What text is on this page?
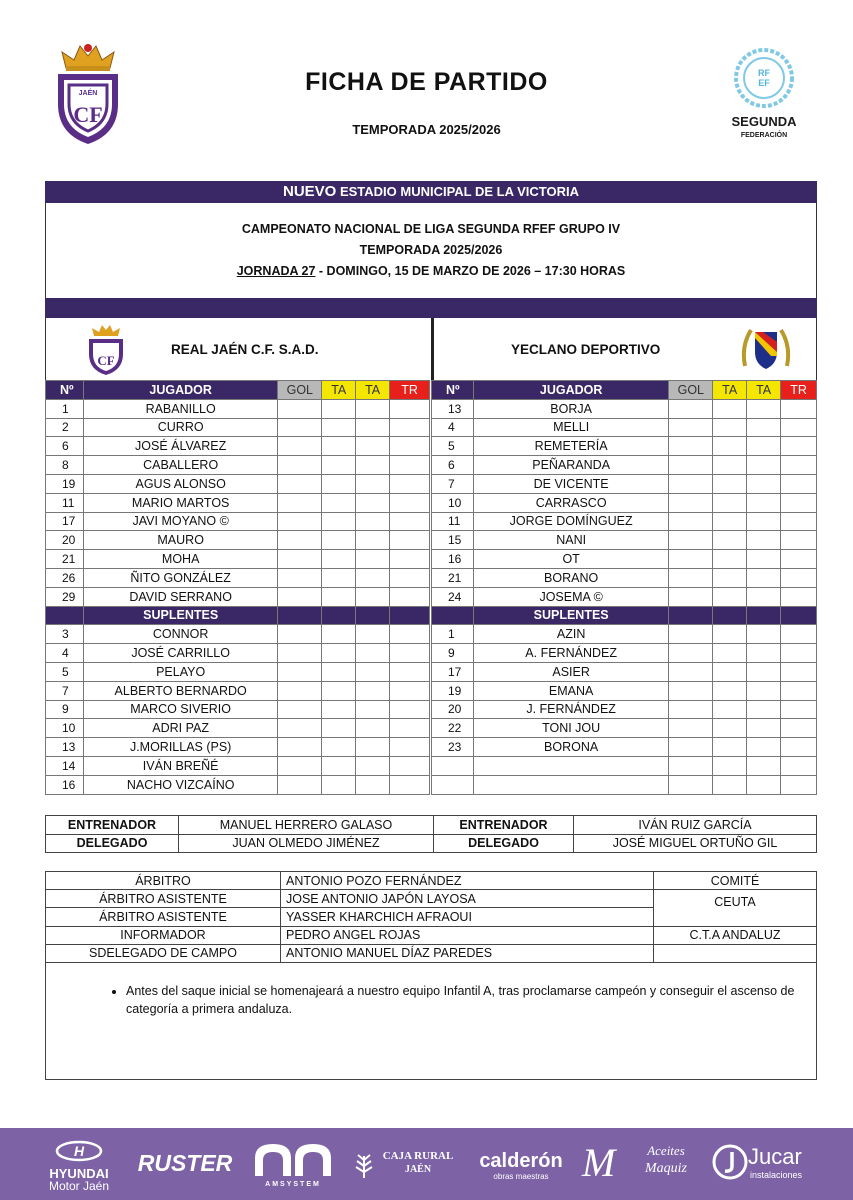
JAÉN
CF
FICHA DE PARTIDO
TEMPORADA 2025/2026
RF
EF
SEGUNDA
FEDERACIÓN
NUEVO ESTADIO MUNICIPAL DE LA VICTORIA
CAMPEONATO NACIONAL DE LIGA SEGUNDA RFEF GRUPO IV
TEMPORADA 2025/2026
JORNADA 27 - DOMINGO, 15 DE MARZO DE 2026 – 17:30 HORAS
CF
REAL JAÉN C.F. S.A.D.	YECLANO DEPORTIVO
Nº	JUGADOR	GOL	TA	TA	TR
1	RABANILLO				
2	CURRO				
6	JOSÉ ÁLVAREZ				
8	CABALLERO				
19	AGUS ALONSO				
11	MARIO MARTOS				
17	JAVI MOYANO ©				
20	MAURO				
21	MOHA				
26	ÑITO GONZÁLEZ				
29	DAVID SERRANO				
	SUPLENTES				
3	CONNOR				
4	JOSÉ CARRILLO				
5	PELAYO				
7	ALBERTO BERNARDO				
9	MARCO SIVERIO				
10	ADRI PAZ				
13	J.MORILLAS (PS)				
14	IVÁN BREÑÉ				
16	NACHO VIZCAÍNO				
Nº	JUGADOR	GOL	TA	TA	TR
13	BORJA				
4	MELLI				
5	REMETERÍA				
6	PEÑARANDA				
7	DE VICENTE				
10	CARRASCO				
11	JORGE DOMÍNGUEZ				
15	NANI				
16	OT				
21	BORANO				
24	JOSEMA ©				
	SUPLENTES				
1	AZIN				
9	A. FERNÁNDEZ				
17	ASIER				
19	EMANA				
20	J. FERNÁNDEZ				
22	TONI JOU				
23	BORONA				

ENTRENADOR	MANUEL HERRERO GALASO	ENTRENADOR	IVÁN RUIZ GARCÍA
DELEGADO	JUAN OLMEDO JIMÉNEZ	DELEGADO	JOSÉ MIGUEL ORTUÑO GIL
ÁRBITRO	ANTONIO POZO FERNÁNDEZ	COMITÉ
ÁRBITRO ASISTENTE	JOSE ANTONIO JAPÓN LAYOSA	CEUTA
ÁRBITRO ASISTENTE	YASSER KHARCHICH AFRAOUI	
INFORMADOR	PEDRO ANGEL ROJAS	C.T.A ANDALUZ
SDELEGADO DE CAMPO	ANTONIO MANUEL DÍAZ PAREDES	
• Antes del saque inicial se homenajeará a nuestro equipo Infantil A, tras proclamarse campeón y conseguir el ascenso de categoría a primera andaluza.
H
HYUNDAI
Motor Jaén
RUSTER
AMSYSTEM
CAJA RURAL
JAÉN	calderón
obras maestras M	Aceites
Maquiz	Jucar
instalaciones
